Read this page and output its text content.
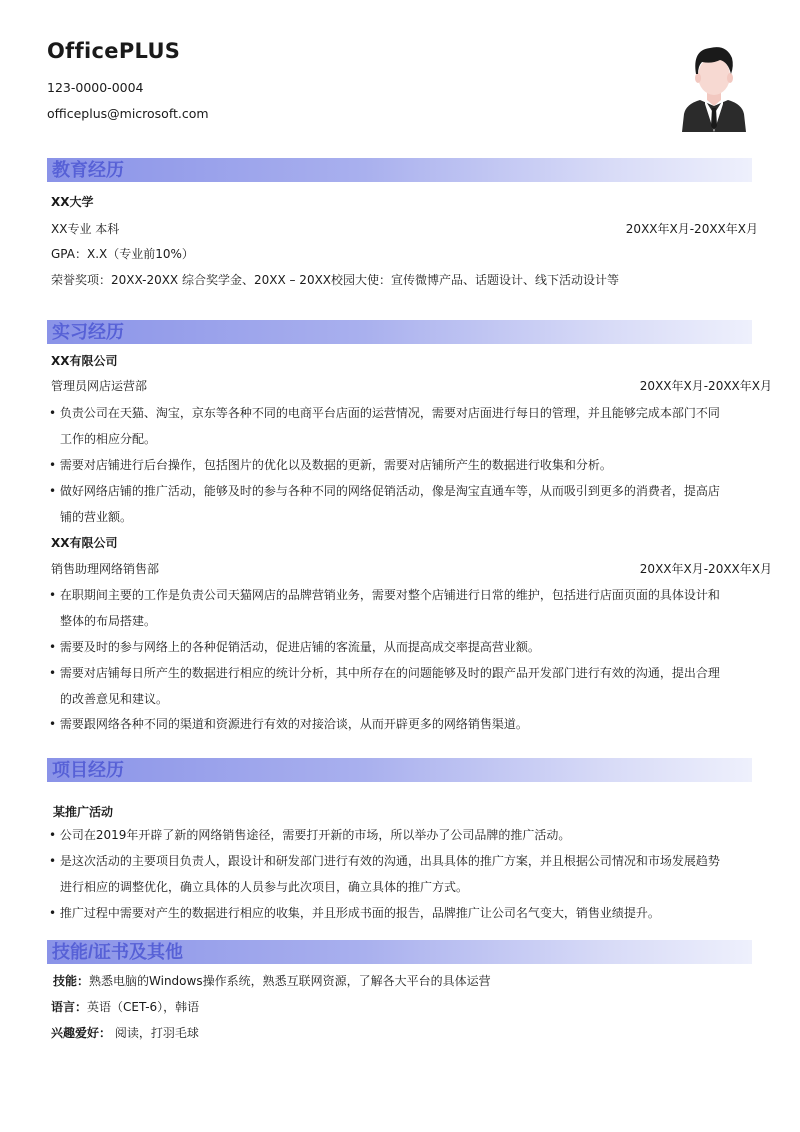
OfficePLUS
123-0000-0004
officeplus@microsoft.com
教育经历
XX大学
XX专业 本科	20XX年X月-20XX年X月
GPA：X.X（专业前10%）
荣誉奖项：20XX-20XX 综合奖学金、20XX – 20XX校园大使：宣传微博产品、话题设计、线下活动设计等
实习经历
XX有限公司
管理员网店运营部	20XX年X月-20XX年X月
• 负责公司在天猫、淘宝，京东等各种不同的电商平台店面的运营情况，需要对店面进行每日的管理，并且能够完成本部门不同
工作的相应分配。
• 需要对店铺进行后台操作，包括图片的优化以及数据的更新，需要对店铺所产生的数据进行收集和分析。
• 做好网络店铺的推广活动，能够及时的参与各种不同的网络促销活动，像是淘宝直通车等，从而吸引到更多的消费者，提高店
铺的营业额。
XX有限公司
销售助理网络销售部	20XX年X月-20XX年X月
• 在职期间主要的工作是负责公司天猫网店的品牌营销业务，需要对整个店铺进行日常的维护，包括进行店面页面的具体设计和
整体的布局搭建。
• 需要及时的参与网络上的各种促销活动，促进店铺的客流量，从而提高成交率提高营业额。
• 需要对店铺每日所产生的数据进行相应的统计分析，其中所存在的问题能够及时的跟产品开发部门进行有效的沟通，提出合理
的改善意见和建议。
• 需要跟网络各种不同的渠道和资源进行有效的对接洽谈，从而开辟更多的网络销售渠道。
项目经历
某推广活动
• 公司在2019年开辟了新的网络销售途径，需要打开新的市场，所以举办了公司品牌的推广活动。
• 是这次活动的主要项目负责人，跟设计和研发部门进行有效的沟通，出具具体的推广方案，并且根据公司情况和市场发展趋势
进行相应的调整优化，确立具体的人员参与此次项目，确立具体的推广方式。
• 推广过程中需要对产生的数据进行相应的收集，并且形成书面的报告，品牌推广让公司名气变大，销售业绩提升。
技能/证书及其他
技能：熟悉电脑的Windows操作系统，熟悉互联网资源，了解各大平台的具体运营
语言：英语（CET-6），韩语
兴趣爱好： 阅读，打羽毛球
